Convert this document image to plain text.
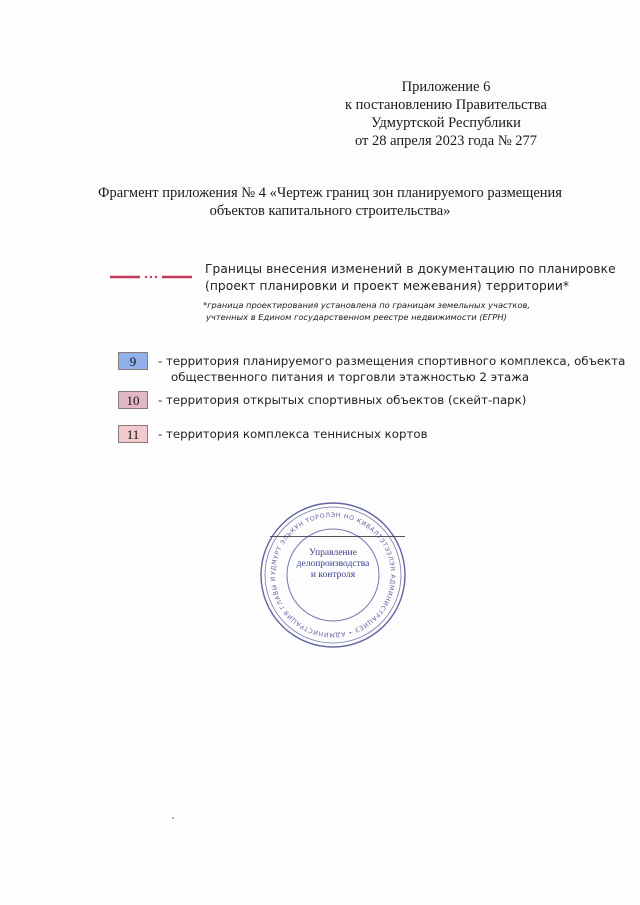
Приложение 6
к постановлению Правительства
Удмуртской Республики
от 28 апреля 2023 года № 277
Фрагмент приложения № 4 «Чертеж границ зон планируемого размещения
объектов капитального строительства»
Границы внесения изменений в документацию по планировке
(проект планировки и проект межевания) территории*
*граница проектирования установлена по границам земельных участков,
учтенных в Едином государственном реестре недвижимости (ЕГРН)
9	- территория планируемого размещения спортивного комплекса, объекта
общественного питания и торговли этажностью 2 этажа
10	- территория открытых спортивных объектов (скейт-парк)
11	- территория комплекса теннисных кортов
УДМУРТ ЭЛЬКУН ТОРОЛЭН НО КИВАЛТЭТЭЗЛЭН АДМИНИСТРАЦИЕЗ • АДМИНИСТРАЦИЯ ГЛАВЫ И
Управление
делопроизводства
и контроля
